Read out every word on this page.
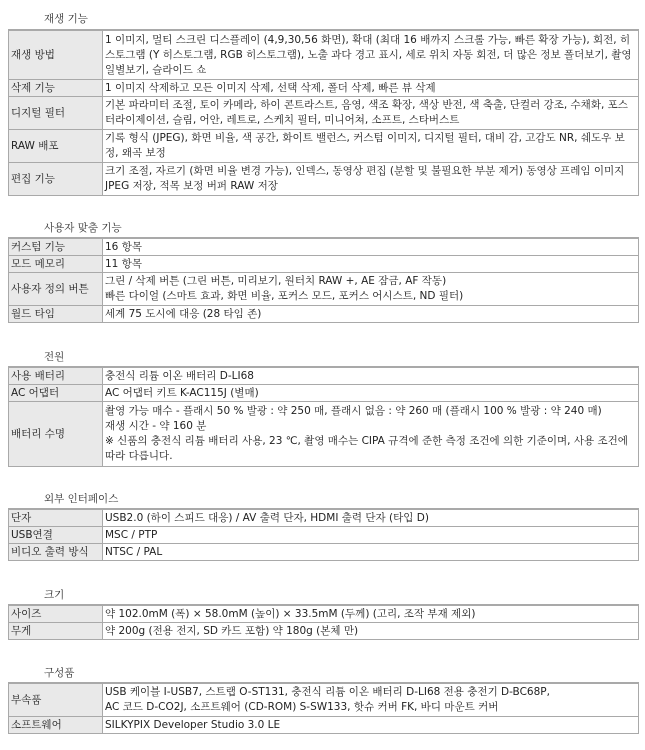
재생 기능
재생 방법	1 이미지, 멀티 스크린 디스플레이 (4,9,30,56 화면), 확대 (최대 16 배까지 스크롤 가능, 빠른 확장 가능), 회전, 히스토그램 (Y 히스토그램, RGB 히스토그램), 노출 과다 경고 표시, 세로 위치 자동 회전, 더 많은 정보 폴더보기, 촬영 일별보기, 슬라이드 쇼

삭제 기능	1 이미지 삭제하고 모든 이미지 삭제, 선택 삭제, 폴더 삭제, 빠른 뷰 삭제

디지털 필터	기본 파라미터 조절, 토이 카메라, 하이 콘트라스트, 음영, 색조 확장, 색상 반전, 색 축출, 단컬러 강조, 수채화, 포스터라이제이션, 슬림, 어안, 레트로, 스케치 필터, 미니어쳐, 소프트, 스타버스트

RAW 배포	기록 형식 (JPEG), 화면 비율, 색 공간, 화이트 밸런스, 커스텀 이미지, 디지털 필터, 대비 감, 고감도 NR, 쉐도우 보정, 왜곡 보정

편집 기능	크기 조절, 자르기 (화면 비율 변경 가능), 인덱스, 동영상 편집 (분할 및 불필요한 부분 제거) 동영상 프레임 이미지 JPEG 저장, 적목 보정 버퍼 RAW 저장
사용자 맞춤 기능
커스텀 기능	16 항목

모드 메모리	11 항목

사용자 정의 버튼	그린 / 삭제 버튼 (그린 버튼, 미리보기, 원터치 RAW +, AE 잠금, AF 작동)
빠른 다이얼 (스마트 효과, 화면 비율, 포커스 모드, 포커스 어시스트, ND 필터)

월드 타임	세계 75 도시에 대응 (28 타임 존)
전원
사용 배터리	충전식 리튬 이온 배터리 D-LI68

AC 어댑터	AC 어댑터 키트 K-AC115J (별매)

배터리 수명	촬영 가능 매수 - 플래시 50 % 발광 : 약 250 매, 플래시 없음 : 약 260 매 (플래시 100 % 발광 : 약 240 매)
재생 시간 - 약 160 분
※ 신품의 충전식 리튬 배터리 사용, 23 ℃, 촬영 매수는 CIPA 규격에 준한 측정 조건에 의한 기준이며, 사용 조건에 따라 다릅니다.
외부 인터페이스
단자	USB2.0 (하이 스피드 대응) / AV 출력 단자, HDMI 출력 단자 (타입 D)

USB연결	MSC / PTP

비디오 출력 방식	NTSC / PAL
크기
사이즈	약 102.0mM (폭) × 58.0mM (높이) × 33.5mM (두께) (고리, 조작 부재 제외)

무게	약 200g (전용 전지, SD 카드 포함) 약 180g (본체 만)
구성품
부속품	USB 케이블 I-USB7, 스트랩 O-ST131, 충전식 리튬 이온 배터리 D-LI68 전용 충전기 D-BC68P,
AC 코드 D-CO2J, 소프트웨어 (CD-ROM) S-SW133, 핫슈 커버 FK, 바디 마운트 커버

소프트웨어	SILKYPIX Developer Studio 3.0 LE
